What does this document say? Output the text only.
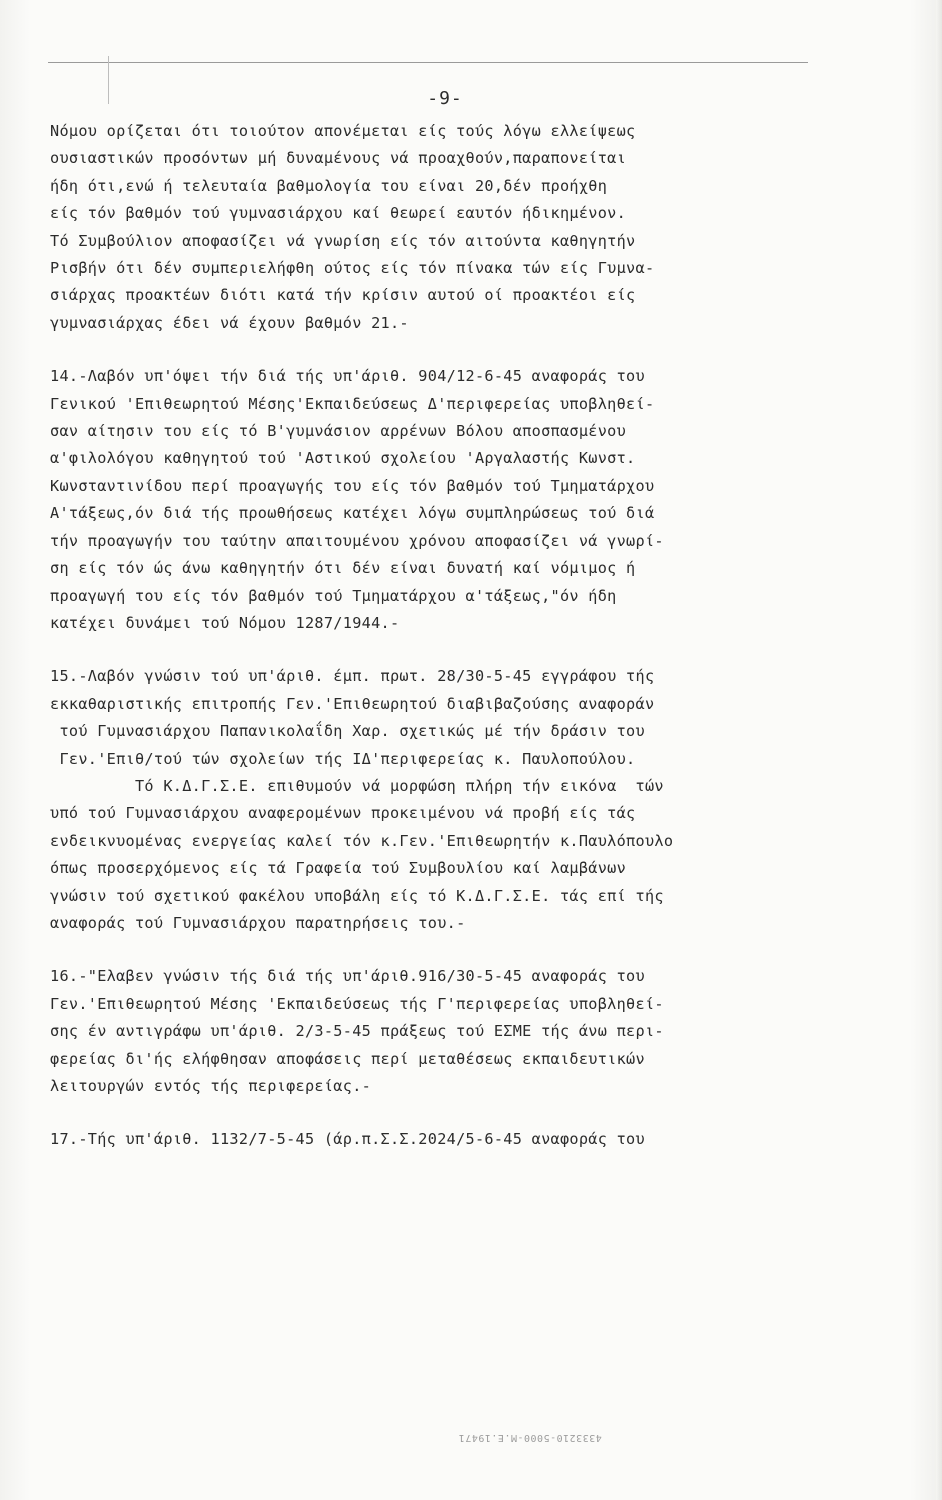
-9-
Νόμου ορίζεται ότι τοιούτον απονέμεται είς τούς λόγω ελλείψεως
ουσιαστικών προσόντων μή δυναμένους νά προαχθούν,παραπονείται
ήδη ότι,ενώ ή τελευταία βαθμολογία του είναι 20,δέν προήχθη
είς τόν βαθμόν τού γυμνασιάρχου καί θεωρεί εαυτόν ήδικημένον.
Τό Συμβούλιον αποφασίζει νά γνωρίση είς τόν αιτούντα καθηγητήν
Ρισβήν ότι δέν συμπεριελήφθη ούτος είς τόν πίνακα τών είς Γυμνα-
σιάρχας προακτέων διότι κατά τήν κρίσιν αυτού οί προακτέοι είς
γυμνασιάρχας έδει νά έχουν βαθμόν 21.-
14.-Λαβόν υπ'όψει τήν διά τής υπ'άριθ. 904/12-6-45 αναφοράς του
Γενικού 'Επιθεωρητού Μέσης'Εκπαιδεύσεως Δ'περιφερείας υποβληθεί-
σαν αίτησιν του είς τό Β'γυμνάσιον αρρένων Βόλου αποσπασμένου
α'φιλολόγου καθηγητού τού 'Αστικού σχολείου 'Αργαλαστής Κωνστ.
Κωνσταντινίδου περί προαγωγής του είς τόν βαθμόν τού Τμηματάρχου
Α'τάξεως,όν διά τής προωθήσεως κατέχει λόγω συμπληρώσεως τού διά
τήν προαγωγήν του ταύτην απαιτουμένου χρόνου αποφασίζει νά γνωρί-
ση είς τόν ώς άνω καθηγητήν ότι δέν είναι δυνατή καί νόμιμος ή
προαγωγή του είς τόν βαθμόν τού Τμηματάρχου α'τάξεως,"όν ήδη
κατέχει δυνάμει τού Νόμου 1287/1944.-
15.-Λαβόν γνώσιν τού υπ'άριθ. έμπ. πρωτ. 28/30-5-45 εγγράφου τής
εκκαθαριστικής επιτροπής Γεν.'Επιθεωρητού διαβιβαζούσης αναφοράν
τού Γυμνασιάρχου Παπανικολαΐδη Χαρ. σχετικώς μέ τήν δράσιν του
Γεν.'Επιθ/τού τών σχολείων τής ΙΔ'περιφερείας κ. Παυλοπούλου.
Τό Κ.Δ.Γ.Σ.Ε. επιθυμούν νά μορφώση πλήρη τήν εικόνα  τών
υπό τού Γυμνασιάρχου αναφερομένων προκειμένου νά προβή είς τάς
ενδεικνυομένας ενεργείας καλεί τόν κ.Γεν.'Επιθεωρητήν κ.Παυλόπουλο
όπως προσερχόμενος είς τά Γραφεία τού Συμβουλίου καί λαμβάνων
γνώσιν τού σχετικού φακέλου υποβάλη είς τό Κ.Δ.Γ.Σ.Ε. τάς επί τής
αναφοράς τού Γυμνασιάρχου παρατηρήσεις του.-
16.-"Ελαβεν γνώσιν τής διά τής υπ'άριθ.916/30-5-45 αναφοράς του
Γεν.'Επιθεωρητού Μέσης 'Εκπαιδεύσεως τής Γ'περιφερείας υποβληθεί-
σης έν αντιγράφω υπ'άριθ. 2/3-5-45 πράξεως τού ΕΣΜΕ τής άνω περι-
φερείας δι'ής ελήφθησαν αποφάσεις περί μεταθέσεως εκπαιδευτικών
λειτουργών εντός τής περιφερείας.-
17.-Τής υπ'άριθ. 1132/7-5-45 (άρ.π.Σ.Σ.2024/5-6-45 αναφοράς του
4333210-5000-M.E.19471
